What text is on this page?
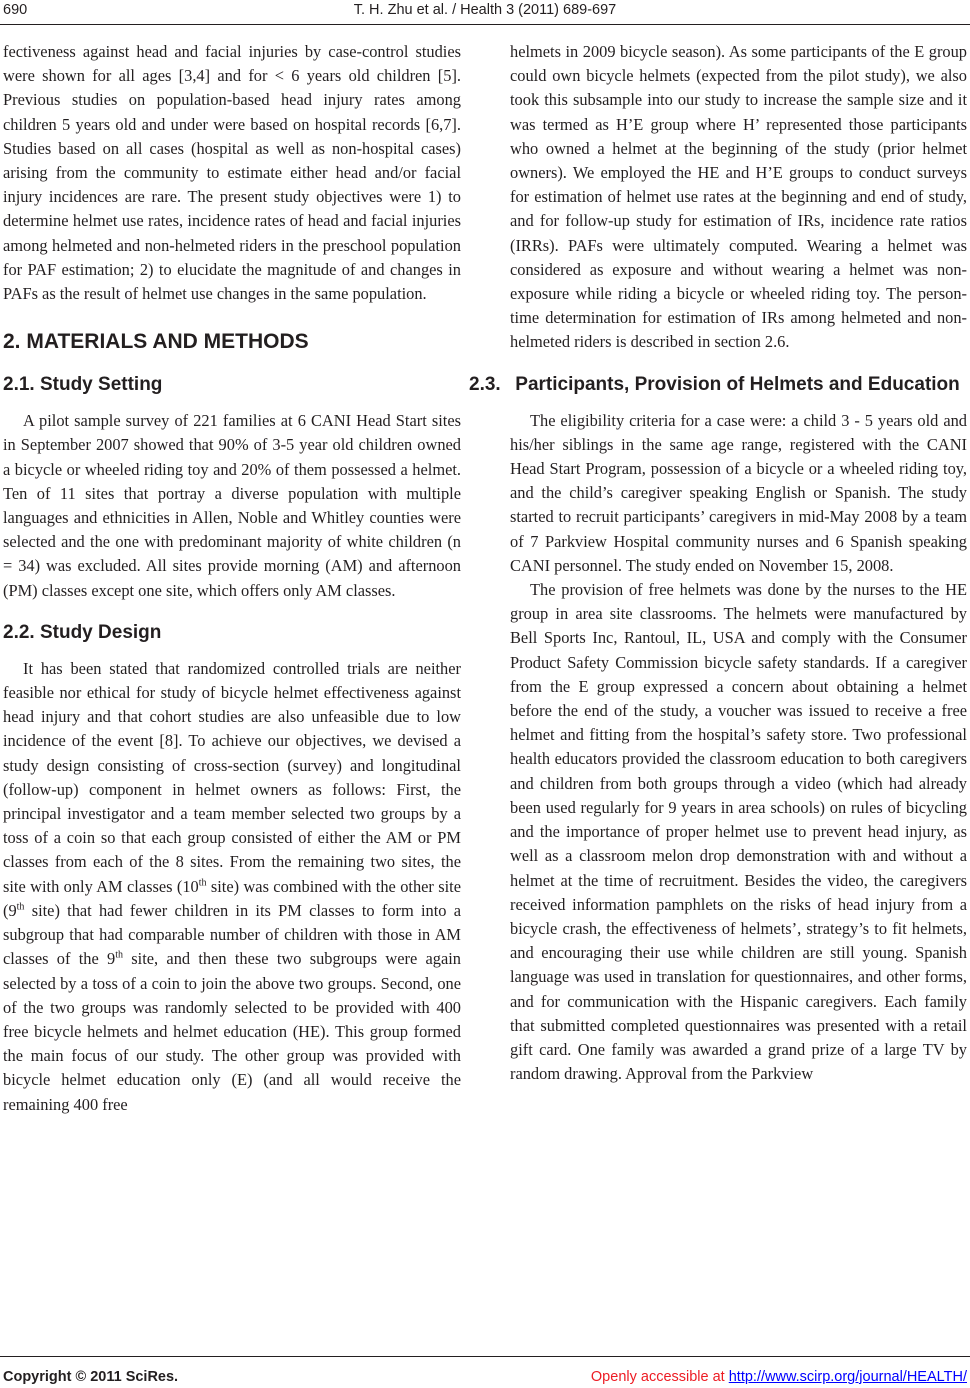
690	T. H. Zhu et al. / Health 3 (2011) 689-697

fectiveness against head and facial injuries by case-control studies were shown for all ages [3,4] and for < 6 years old children [5]. Previous studies on population-based head injury rates among children 5 years old and under were based on hospital records [6,7]. Studies based on all cases (hospital as well as non-hospital cases) arising from the community to estimate either head and/or facial injury incidences are rare. The present study objectives were 1) to determine helmet use rates, incidence rates of head and facial injuries among helmeted and non-helmeted riders in the preschool population for PAF estimation; 2) to elucidate the magnitude of and changes in PAFs as the result of helmet use changes in the same population.

2. MATERIALS AND METHODS
2.1. Study Setting

A pilot sample survey of 221 families at 6 CANI Head Start sites in September 2007 showed that 90% of 3-5 year old children owned a bicycle or wheeled riding toy and 20% of them possessed a helmet. Ten of 11 sites that portray a diverse population with multiple languages and ethnicities in Allen, Noble and Whitley counties were selected and the one with predominant majority of white children (n = 34) was excluded. All sites provide morning (AM) and afternoon (PM) classes except one site, which offers only AM classes.

2.2. Study Design

It has been stated that randomized controlled trials are neither feasible nor ethical for study of bicycle helmet effectiveness against head injury and that cohort studies are also unfeasible due to low incidence of the event [8]. To achieve our objectives, we devised a study design consisting of cross-section (survey) and longitudinal (follow-up) component in helmet owners as follows: First, the principal investigator and a team member selected two groups by a toss of a coin so that each group consisted of either the AM or PM classes from each of the 8 sites. From the remaining two sites, the site with only AM classes (10th site) was combined with the other site (9th site) that had fewer children in its PM classes to form into a subgroup that had comparable number of children with those in AM classes of the 9th site, and then these two subgroups were again selected by a toss of a coin to join the above two groups. Second, one of the two groups was randomly selected to be provided with 400 free bicycle helmets and helmet education (HE). This group formed the main focus of our study. The other group was provided with bicycle helmet education only (E) (and all would receive the remaining 400 free

helmets in 2009 bicycle season). As some participants of the E group could own bicycle helmets (expected from the pilot study), we also took this subsample into our study to increase the sample size and it was termed as H’E group where H’ represented those participants who owned a helmet at the beginning of the study (prior helmet owners). We employed the HE and H’E groups to conduct surveys for estimation of helmet use rates at the beginning and end of study, and for follow-up study for estimation of IRs, incidence rate ratios (IRRs). PAFs were ultimately computed. Wearing a helmet was considered as exposure and without wearing a helmet was non-exposure while riding a bicycle or wheeled riding toy. The person-time determination for estimation of IRs among helmeted and non-helmeted riders is described in section 2.6.

2.3. Participants, Provision of Helmets and Education

The eligibility criteria for a case were: a child 3 - 5 years old and his/her siblings in the same age range, registered with the CANI Head Start Program, possession of a bicycle or a wheeled riding toy, and the child’s caregiver speaking English or Spanish. The study started to recruit participants’ caregivers in mid-May 2008 by a team of 7 Parkview Hospital community nurses and 6 Spanish speaking CANI personnel. The study ended on November 15, 2008.

The provision of free helmets was done by the nurses to the HE group in area site classrooms. The helmets were manufactured by Bell Sports Inc, Rantoul, IL, USA and comply with the Consumer Product Safety Commission bicycle safety standards. If a caregiver from the E group expressed a concern about obtaining a helmet before the end of the study, a voucher was issued to receive a free helmet and fitting from the hospital’s safety store. Two professional health educators provided the classroom education to both caregivers and children from both groups through a video (which had already been used regularly for 9 years in area schools) on rules of bicycling and the importance of proper helmet use to prevent head injury, as well as a classroom melon drop demonstration with and without a helmet at the time of recruitment. Besides the video, the caregivers received information pamphlets on the risks of head injury from a bicycle crash, the effectiveness of helmets’, strategy’s to fit helmets, and encouraging their use while children are still young. Spanish language was used in translation for questionnaires, and other forms, and for communication with the Hispanic caregivers. Each family that submitted completed questionnaires was presented with a retail gift card. One family was awarded a grand prize of a large TV by random drawing. Approval from the Parkview

Copyright © 2011 SciRes.	Openly accessible at http://www.scirp.org/journal/HEALTH/
